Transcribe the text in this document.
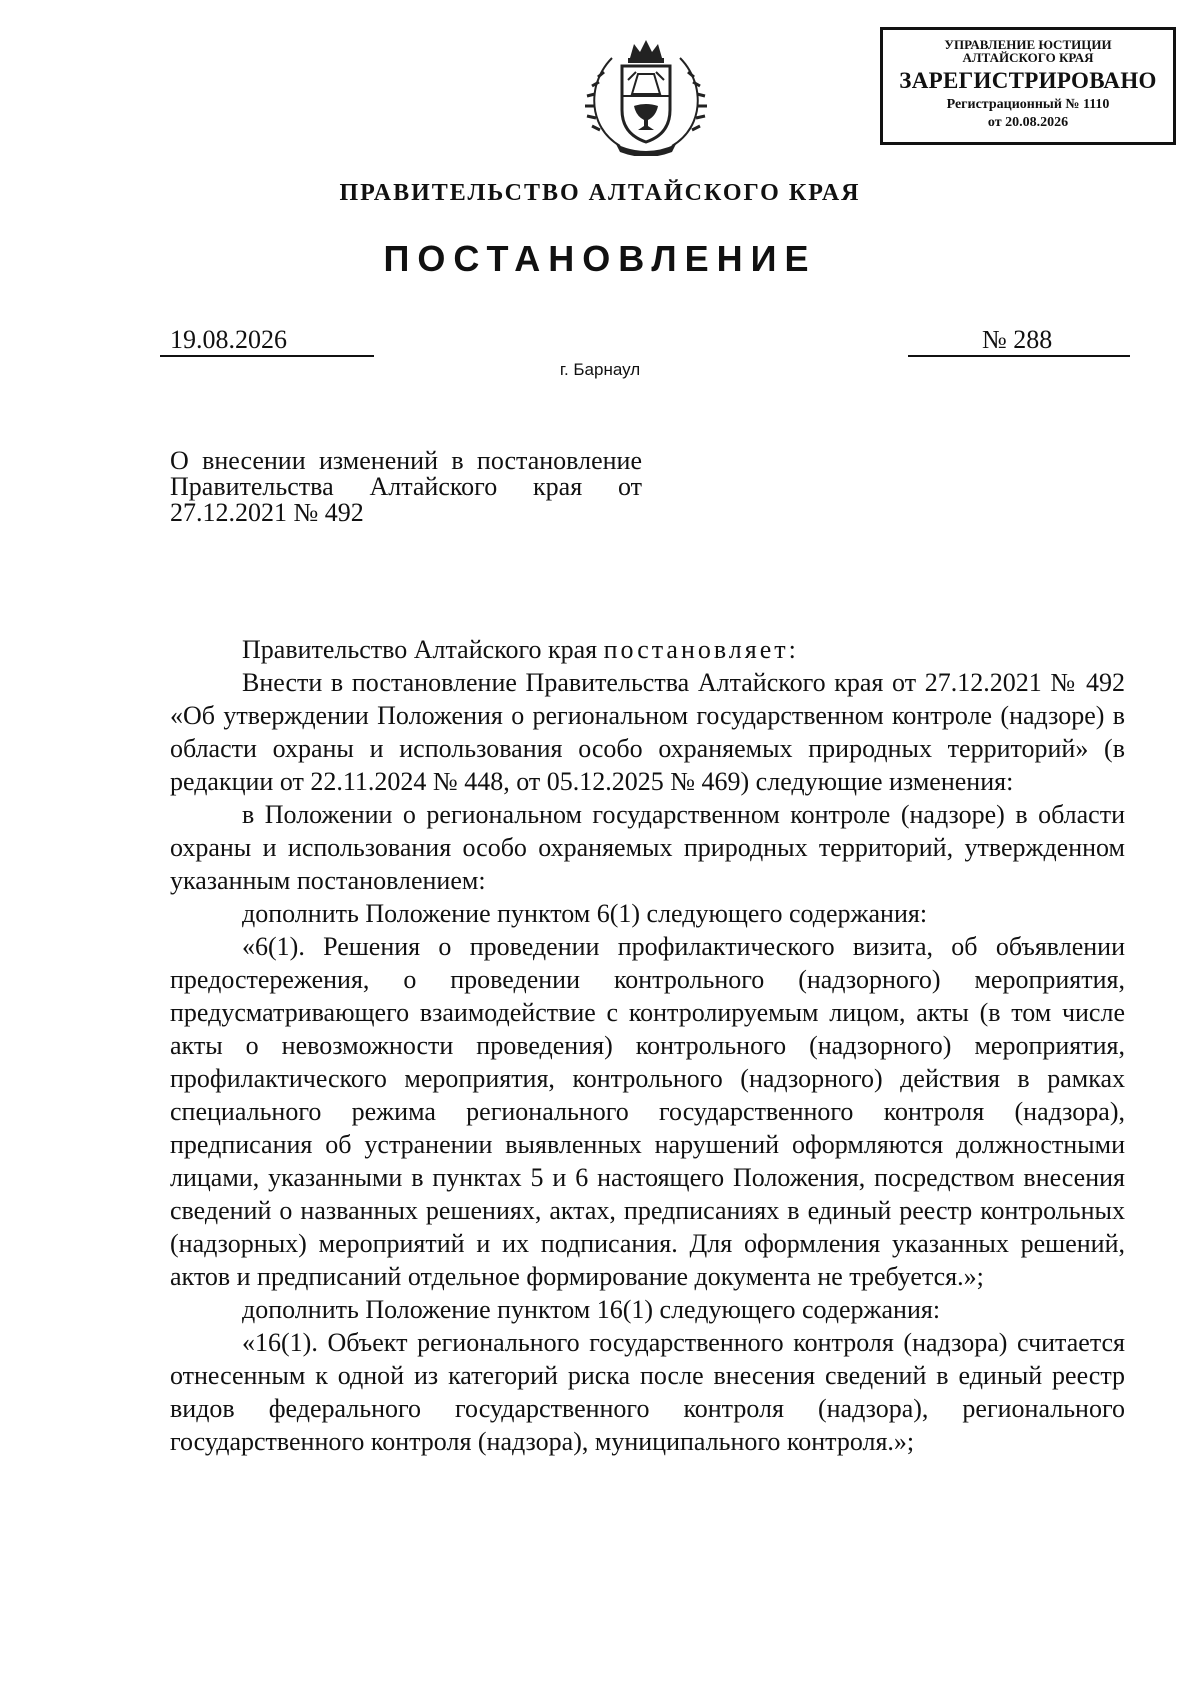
УПРАВЛЕНИЕ ЮСТИЦИИ
АЛТАЙСКОГО КРАЯ
ЗАРЕГИСТРИРОВАНО
Регистрационный № 1110
от 20.08.2026
ПРАВИТЕЛЬСТВО АЛТАЙСКОГО КРАЯ
ПОСТАНОВЛЕНИЕ
19.08.2026	№ 288
г. Барнаул
О внесении изменений в постановление Правительства Алтайского края от 27.12.2021 № 492

Правительство Алтайского края постановляет:

Внести в постановление Правительства Алтайского края от 27.12.2021 № 492 «Об утверждении Положения о региональном государственном контроле (надзоре) в области охраны и использования особо охраняемых природных территорий» (в редакции от 22.11.2024 № 448, от 05.12.2025 № 469) следующие изменения:

в Положении о региональном государственном контроле (надзоре) в области охраны и использования особо охраняемых природных территорий, утвержденном указанным постановлением:

дополнить Положение пунктом 6(1) следующего содержания:

«6(1). Решения о проведении профилактического визита, об объявлении предостережения, о проведении контрольного (надзорного) мероприятия, предусматривающего взаимодействие с контролируемым лицом, акты (в том числе акты о невозможности проведения) контрольного (надзорного) мероприятия, профилактического мероприятия, контрольного (надзорного) действия в рамках специального режима регионального государственного контроля (надзора), предписания об устранении выявленных нарушений оформляются должностными лицами, указанными в пунктах 5 и 6 настоящего Положения, посредством внесения сведений о названных решениях, актах, предписаниях в единый реестр контрольных (надзорных) мероприятий и их подписания. Для оформления указанных решений, актов и предписаний отдельное формирование документа не требуется.»;

дополнить Положение пунктом 16(1) следующего содержания:

«16(1). Объект регионального государственного контроля (надзора) считается отнесенным к одной из категорий риска после внесения сведений в единый реестр видов федерального государственного контроля (надзора), регионального государственного контроля (надзора), муниципального контроля.»;
